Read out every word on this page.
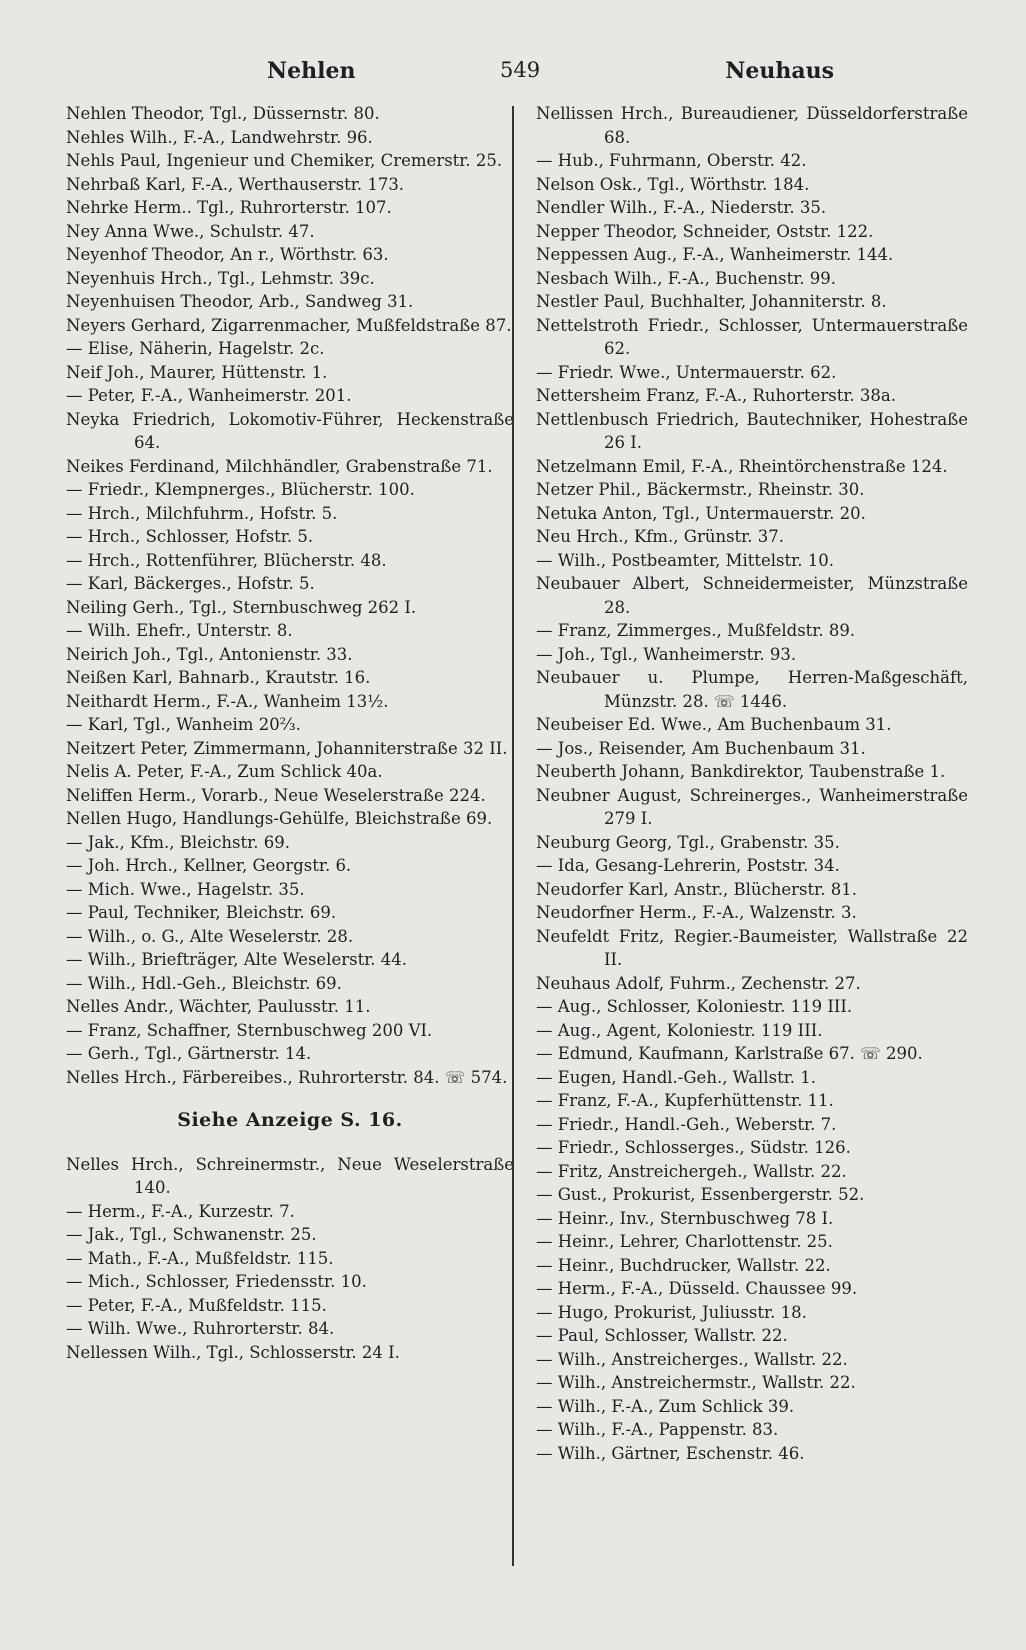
Nehlen	549	Neuhaus

Nehlen Theodor, Tgl., Düssernstr. 80.

Nehles Wilh., F.-A., Landwehrstr. 96.

Nehls Paul, Ingenieur und Chemiker, Cremerstr. 25.

Nehrbaß Karl, F.-A., Werthauserstr. 173.

Nehrke Herm.. Tgl., Ruhrorterstr. 107.

Ney Anna Wwe., Schulstr. 47.

Neyenhof Theodor, An r., Wörthstr. 63.

Neyenhuis Hrch., Tgl., Lehmstr. 39c.

Neyenhuisen Theodor, Arb., Sandweg 31.

Neyers Gerhard, Zigarrenmacher, Mußfeldstraße 87.

— Elise, Näherin, Hagelstr. 2c.

Neif Joh., Maurer, Hüttenstr. 1.

— Peter, F.-A., Wanheimerstr. 201.

Neyka Friedrich, Lokomotiv-Führer, Heckenstraße 64.

Neikes Ferdinand, Milchhändler, Grabenstraße 71.

— Friedr., Klempnerges., Blücherstr. 100.

— Hrch., Milchfuhrm., Hofstr. 5.

— Hrch., Schlosser, Hofstr. 5.

— Hrch., Rottenführer, Blücherstr. 48.

— Karl, Bäckerges., Hofstr. 5.

Neiling Gerh., Tgl., Sternbuschweg 262 I.

— Wilh. Ehefr., Unterstr. 8.

Neirich Joh., Tgl., Antonienstr. 33.

Neißen Karl, Bahnarb., Krautstr. 16.

Neithardt Herm., F.-A., Wanheim 13½.

— Karl, Tgl., Wanheim 20⅔.

Neitzert Peter, Zimmermann, Johanniterstraße 32 II.

Nelis A. Peter, F.-A., Zum Schlick 40a.

Neliffen Herm., Vorarb., Neue Weselerstraße 224.

Nellen Hugo, Handlungs-Gehülfe, Bleichstraße 69.

— Jak., Kfm., Bleichstr. 69.

— Joh. Hrch., Kellner, Georgstr. 6.

— Mich. Wwe., Hagelstr. 35.

— Paul, Techniker, Bleichstr. 69.

— Wilh., o. G., Alte Weselerstr. 28.

— Wilh., Briefträger, Alte Weselerstr. 44.

— Wilh., Hdl.-Geh., Bleichstr. 69.

Nelles Andr., Wächter, Paulusstr. 11.

— Franz, Schaffner, Sternbuschweg 200 VI.

— Gerh., Tgl., Gärtnerstr. 14.

Nelles Hrch., Färbereibes., Ruhrorterstr. 84. ☏ 574.

Siehe Anzeige S. 16.

Nelles Hrch., Schreinermstr., Neue Weselerstraße 140.

— Herm., F.-A., Kurzestr. 7.

— Jak., Tgl., Schwanenstr. 25.

— Math., F.-A., Mußfeldstr. 115.

— Mich., Schlosser, Friedensstr. 10.

— Peter, F.-A., Mußfeldstr. 115.

— Wilh. Wwe., Ruhrorterstr. 84.

Nellessen Wilh., Tgl., Schlosserstr. 24 I.

Nellissen Hrch., Bureaudiener, Düsseldorferstraße 68.

— Hub., Fuhrmann, Oberstr. 42.

Nelson Osk., Tgl., Wörthstr. 184.

Nendler Wilh., F.-A., Niederstr. 35.

Nepper Theodor, Schneider, Oststr. 122.

Neppessen Aug., F.-A., Wanheimerstr. 144.

Nesbach Wilh., F.-A., Buchenstr. 99.

Nestler Paul, Buchhalter, Johanniterstr. 8.

Nettelstroth Friedr., Schlosser, Untermauerstraße 62.

— Friedr. Wwe., Untermauerstr. 62.

Nettersheim Franz, F.-A., Ruhorterstr. 38a.

Nettlenbusch Friedrich, Bautechniker, Hohestraße 26 I.

Netzelmann Emil, F.-A., Rheintörchenstraße 124.

Netzer Phil., Bäckermstr., Rheinstr. 30.

Netuka Anton, Tgl., Untermauerstr. 20.

Neu Hrch., Kfm., Grünstr. 37.

— Wilh., Postbeamter, Mittelstr. 10.

Neubauer Albert, Schneidermeister, Münzstraße 28.

— Franz, Zimmerges., Mußfeldstr. 89.

— Joh., Tgl., Wanheimerstr. 93.

Neubauer u. Plumpe, Herren-Maßgeschäft, Münzstr. 28. ☏ 1446.

Neubeiser Ed. Wwe., Am Buchenbaum 31.

— Jos., Reisender, Am Buchenbaum 31.

Neuberth Johann, Bankdirektor, Taubenstraße 1.

Neubner August, Schreinerges., Wanheimerstraße 279 I.

Neuburg Georg, Tgl., Grabenstr. 35.

— Ida, Gesang-Lehrerin, Poststr. 34.

Neudorfer Karl, Anstr., Blücherstr. 81.

Neudorfner Herm., F.-A., Walzenstr. 3.

Neufeldt Fritz, Regier.-Baumeister, Wallstraße 22 II.

Neuhaus Adolf, Fuhrm., Zechenstr. 27.

— Aug., Schlosser, Koloniestr. 119 III.

— Aug., Agent, Koloniestr. 119 III.

— Edmund, Kaufmann, Karlstraße 67. ☏ 290.

— Eugen, Handl.-Geh., Wallstr. 1.

— Franz, F.-A., Kupferhüttenstr. 11.

— Friedr., Handl.-Geh., Weberstr. 7.

— Friedr., Schlosserges., Südstr. 126.

— Fritz, Anstreichergeh., Wallstr. 22.

— Gust., Prokurist, Essenbergerstr. 52.

— Heinr., Inv., Sternbuschweg 78 I.

— Heinr., Lehrer, Charlottenstr. 25.

— Heinr., Buchdrucker, Wallstr. 22.

— Herm., F.-A., Düsseld. Chaussee 99.

— Hugo, Prokurist, Juliusstr. 18.

— Paul, Schlosser, Wallstr. 22.

— Wilh., Anstreicherges., Wallstr. 22.

— Wilh., Anstreichermstr., Wallstr. 22.

— Wilh., F.-A., Zum Schlick 39.

— Wilh., F.-A., Pappenstr. 83.

— Wilh., Gärtner, Eschenstr. 46.
